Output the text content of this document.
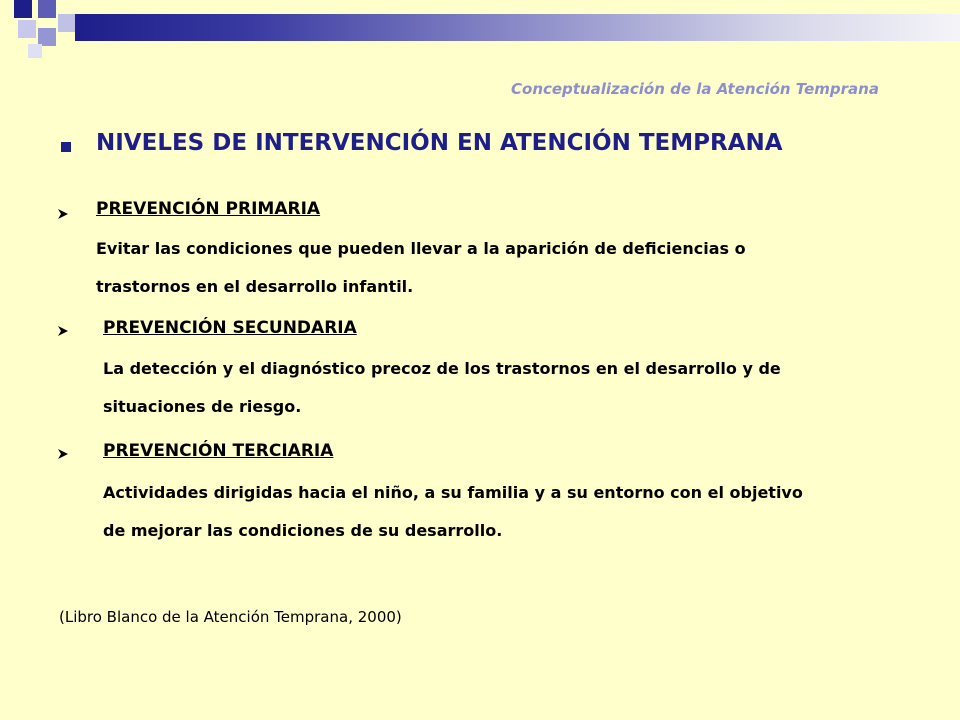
Conceptualización de la Atención Temprana
NIVELES DE INTERVENCIÓN EN ATENCIÓN TEMPRANA
PREVENCIÓN PRIMARIA
Evitar las condiciones que pueden llevar a la aparición de deficiencias o
trastornos en el desarrollo infantil.
PREVENCIÓN SECUNDARIA
La detección y el diagnóstico precoz de los trastornos en el desarrollo y de
situaciones de riesgo.
PREVENCIÓN TERCIARIA
Actividades dirigidas hacia el niño, a su familia y a su entorno con el objetivo
de mejorar las condiciones de su desarrollo.
(Libro Blanco de la Atención Temprana, 2000)
